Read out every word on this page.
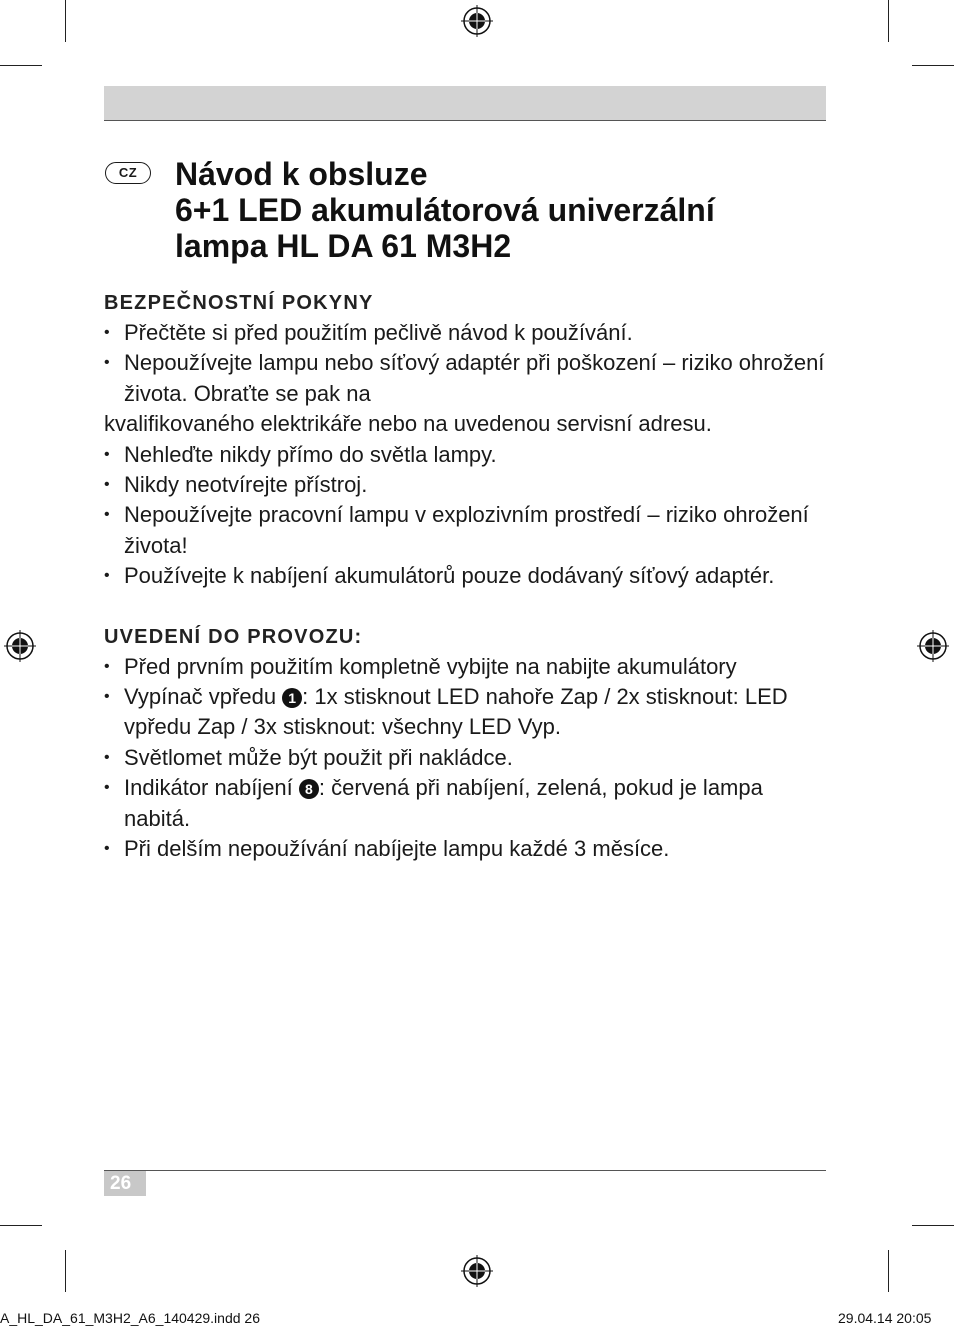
CZ	Návod k obsluze
6+1 LED akumulátorová univerzální
lampa HL DA 61 M3H2
BEZPEČNOSTNÍ POKYNY
• Přečtěte si před použitím pečlivě návod k používání.
• Nepoužívejte lampu nebo síťový adaptér při poškození – riziko ohrožení života. Obraťte se pak na
kvalifikovaného elektrikáře nebo na uvedenou servisní adresu.
• Nehleďte nikdy přímo do světla lampy.
• Nikdy neotvírejte přístroj.
• Nepoužívejte pracovní lampu v explozivním prostředí – riziko ohrožení života!
• Používejte k nabíjení akumulátorů pouze dodávaný síťový adaptér.
UVEDENÍ DO PROVOZU:
• Před prvním použitím kompletně vybijte na nabijte akumulátory
• Vypínač vpředu 1 : 1x stisknout LED nahoře Zap / 2x stisknout: LED vpředu Zap / 3x stisknout: všechny LED Vyp.
• Světlomet může být použit při nakládce.
• Indikátor nabíjení 8 : červená při nabíjení, zelená, pokud je lampa nabitá.
• Při delším nepoužívání nabíjejte lampu každé 3 měsíce.
26
A_HL_DA_61_M3H2_A6_140429.indd 26	29.04.14 20:05
